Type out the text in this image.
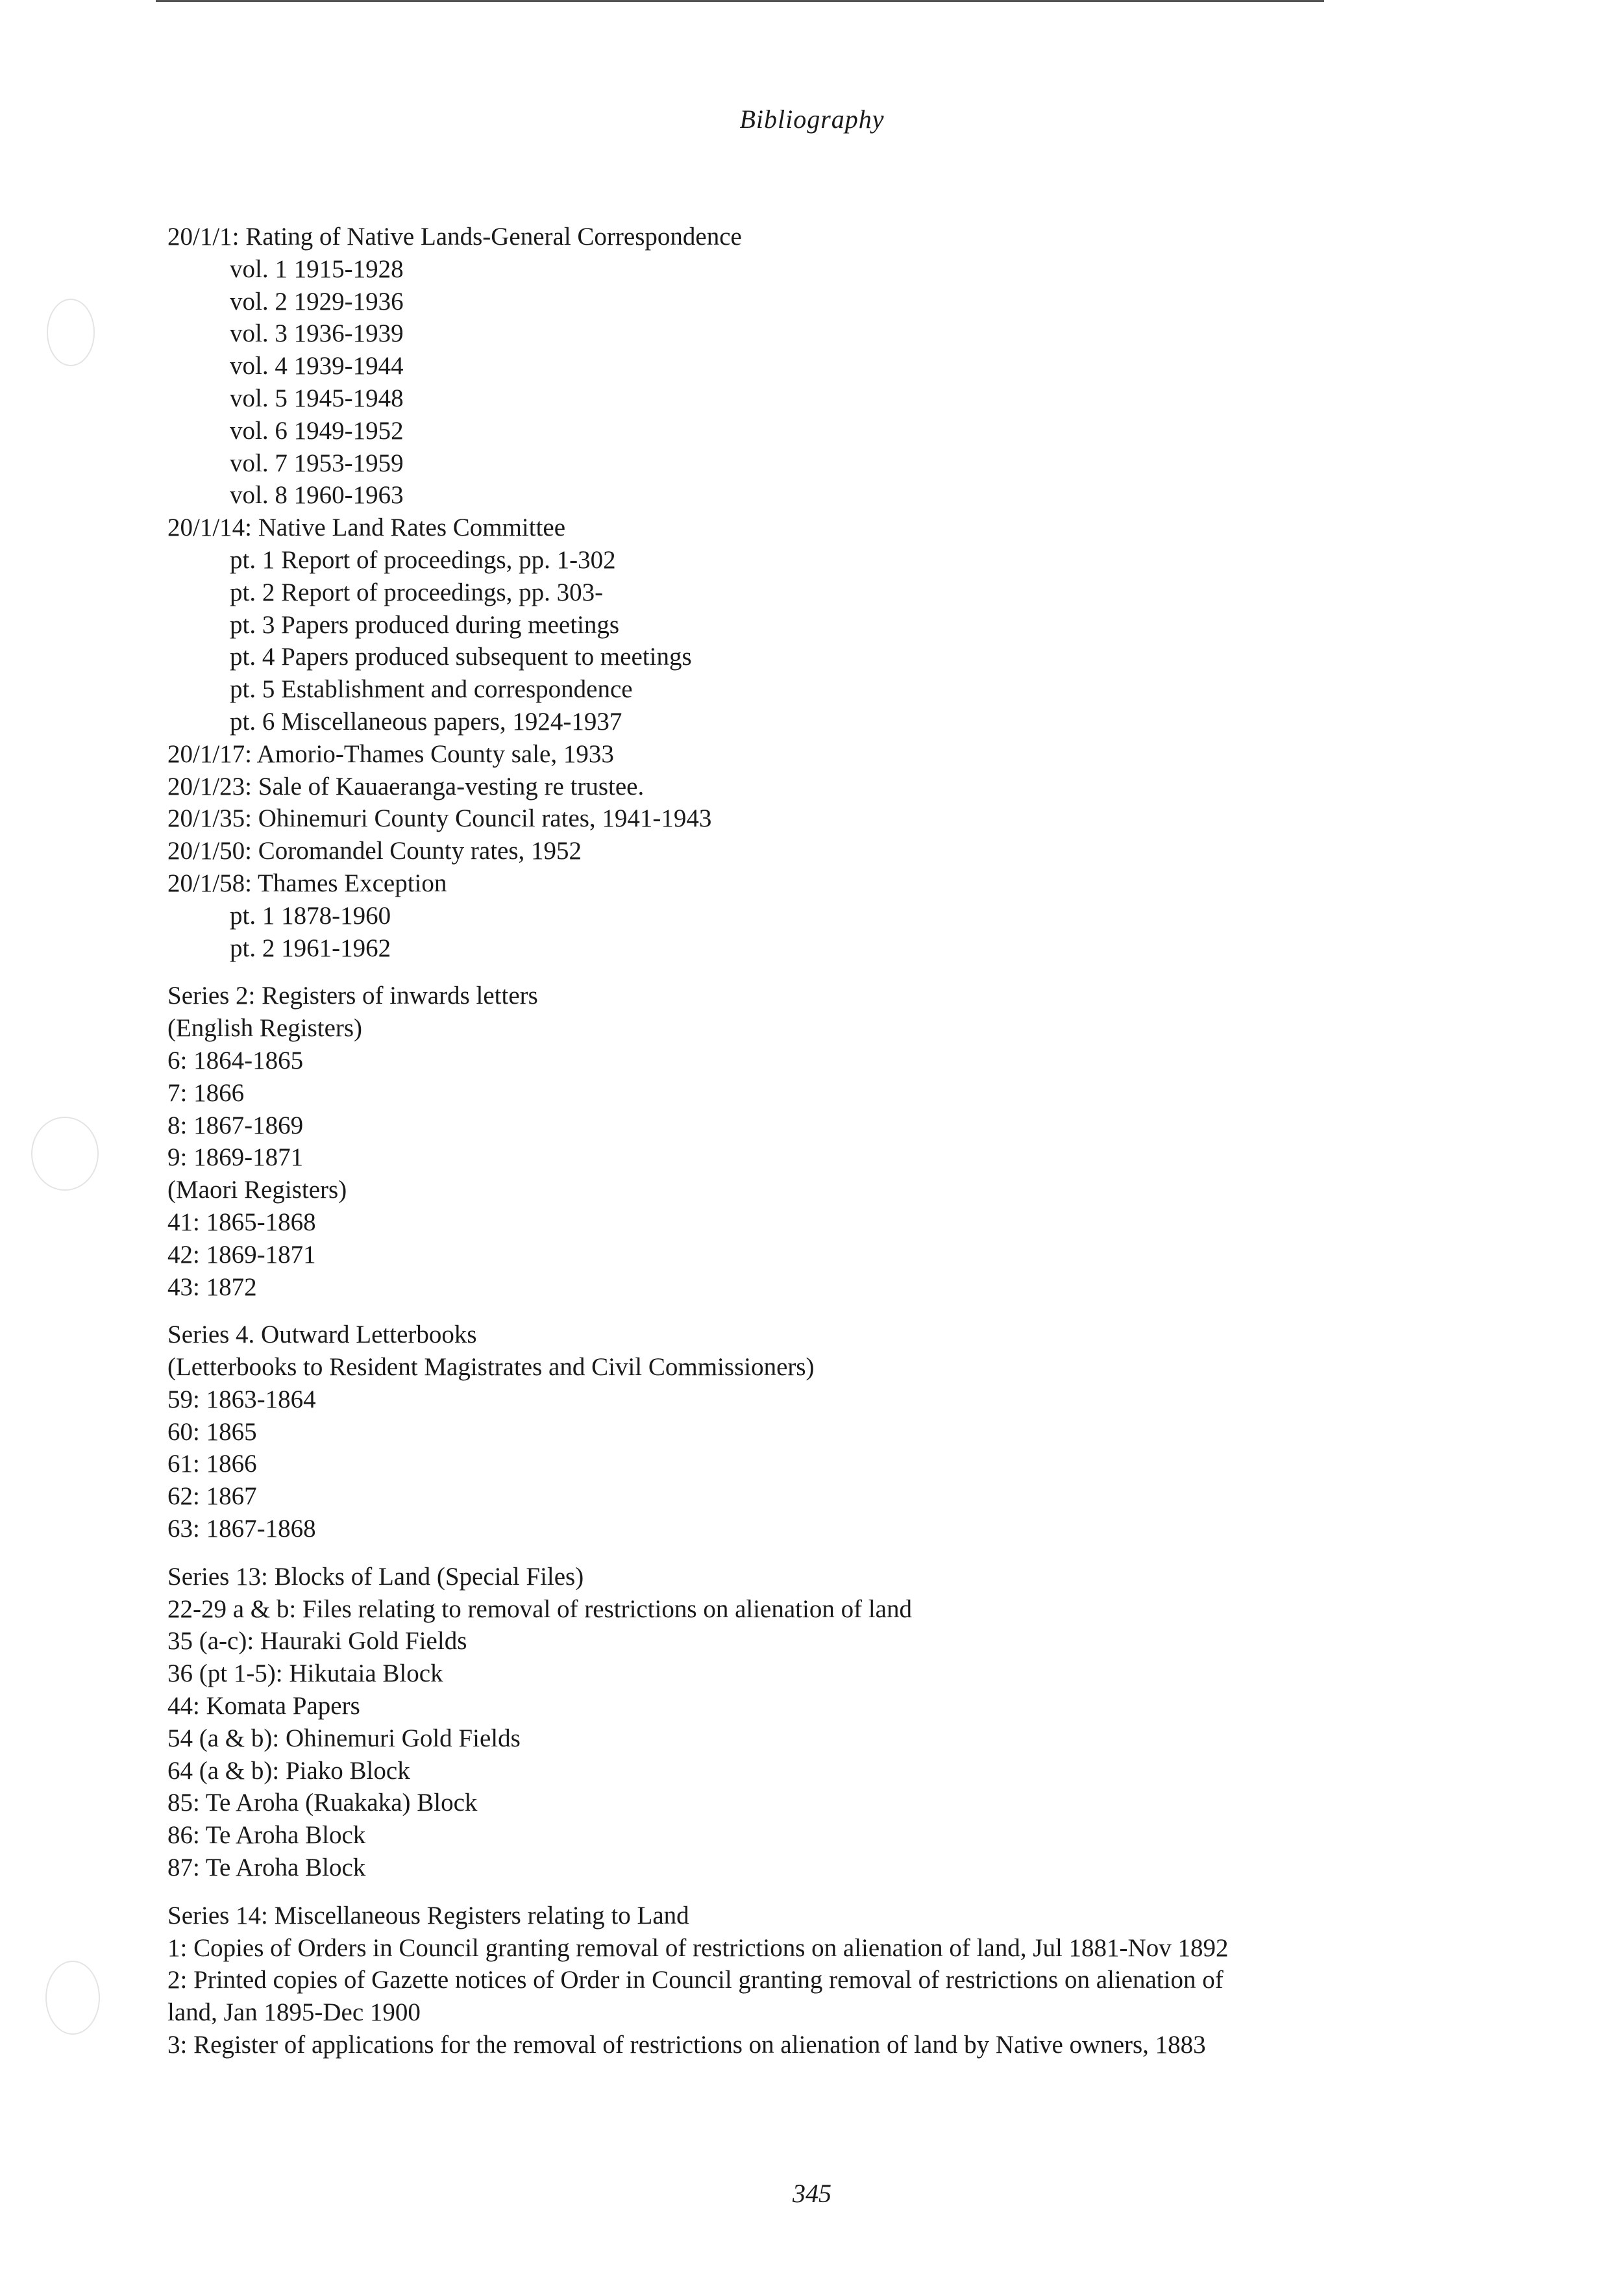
Bibliography
20/1/1: Rating of Native Lands-General Correspondence
vol. 1 1915-1928
vol. 2 1929-1936
vol. 3 1936-1939
vol. 4 1939-1944
vol. 5 1945-1948
vol. 6 1949-1952
vol. 7 1953-1959
vol. 8 1960-1963
20/1/14: Native Land Rates Committee
pt. 1 Report of proceedings, pp. 1-302
pt. 2 Report of proceedings, pp. 303-
pt. 3 Papers produced during meetings
pt. 4 Papers produced subsequent to meetings
pt. 5 Establishment and correspondence
pt. 6 Miscellaneous papers, 1924-1937
20/1/17: Amorio-Thames County sale, 1933
20/1/23: Sale of Kauaeranga-vesting re trustee.
20/1/35: Ohinemuri County Council rates, 1941-1943
20/1/50: Coromandel County rates, 1952
20/1/58: Thames Exception
pt. 1 1878-1960
pt. 2 1961-1962
Series 2: Registers of inwards letters
(English Registers)
6: 1864-1865
7: 1866
8: 1867-1869
9: 1869-1871
(Maori Registers)
41: 1865-1868
42: 1869-1871
43: 1872
Series 4. Outward Letterbooks
(Letterbooks to Resident Magistrates and Civil Commissioners)
59: 1863-1864
60: 1865
61: 1866
62: 1867
63: 1867-1868
Series 13: Blocks of Land (Special Files)
22-29 a & b: Files relating to removal of restrictions on alienation of land
35 (a-c): Hauraki Gold Fields
36 (pt 1-5): Hikutaia Block
44: Komata Papers
54 (a & b): Ohinemuri Gold Fields
64 (a & b): Piako Block
85: Te Aroha (Ruakaka) Block
86: Te Aroha Block
87: Te Aroha Block
Series 14: Miscellaneous Registers relating to Land
1: Copies of Orders in Council granting removal of restrictions on alienation of land, Jul 1881-Nov 1892
2: Printed copies of Gazette notices of Order in Council granting removal of restrictions on alienation of
land, Jan 1895-Dec 1900
3: Register of applications for the removal of restrictions on alienation of land by Native owners, 1883
345
